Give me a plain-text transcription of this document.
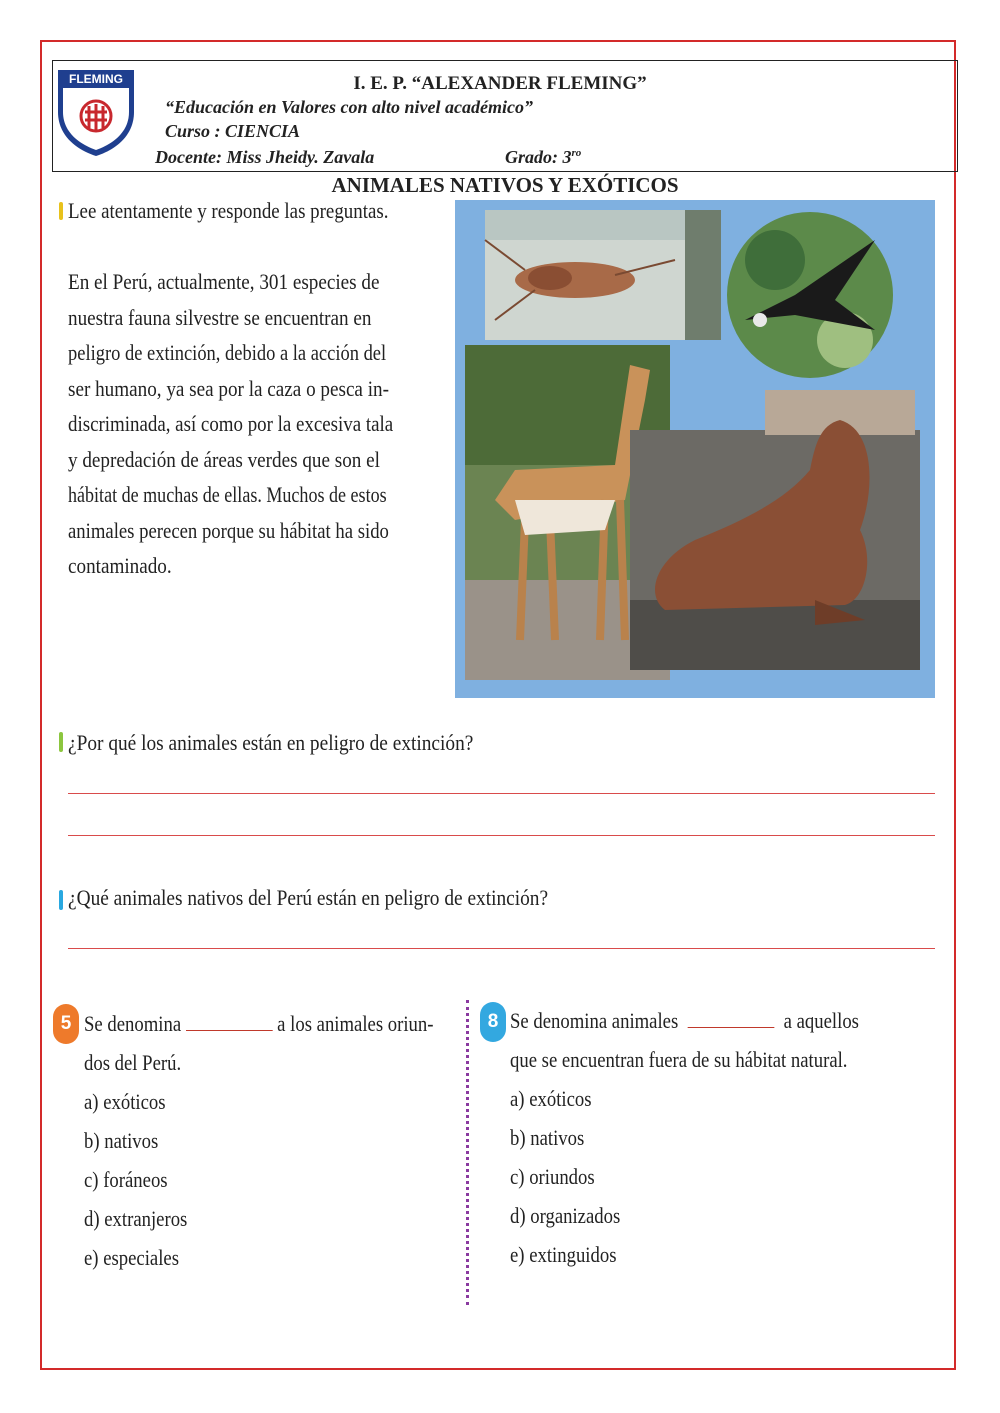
FLEMING	I. E. P. “ALEXANDER FLEMING”
“Educación en Valores con alto nivel académico”
Curso : CIENCIA
Docente: Miss Jheidy. Zavala	Grado: $3^{ro}$
ANIMALES NATIVOS Y EXÓTICOS
Lee atentamente y responde las preguntas.

En el Perú, actualmente, 301 especies de

nuestra fauna silvestre se encuentran en

peligro de extinción, debido a la acción del

ser humano, ya sea por la caza o pesca in-

discriminada, así como por la excesiva tala

y depredación de áreas verdes que son el

hábitat de muchas de ellas. Muchos de estos

animales perecen porque su hábitat ha sido

contaminado.

¿Por qué los animales están en peligro de extinción?
¿Qué animales nativos del Perú están en peligro de extinción?
5 Se denomina	a los animales oriun-
dos del Perú.
a) exóticos
b) nativos
c) foráneos
d) extranjeros
e) especiales
8 Se denomina animales	a aquellos
que se encuentran fuera de su hábitat natural.
a) exóticos
b) nativos
c) oriundos
d) organizados
e) extinguidos
